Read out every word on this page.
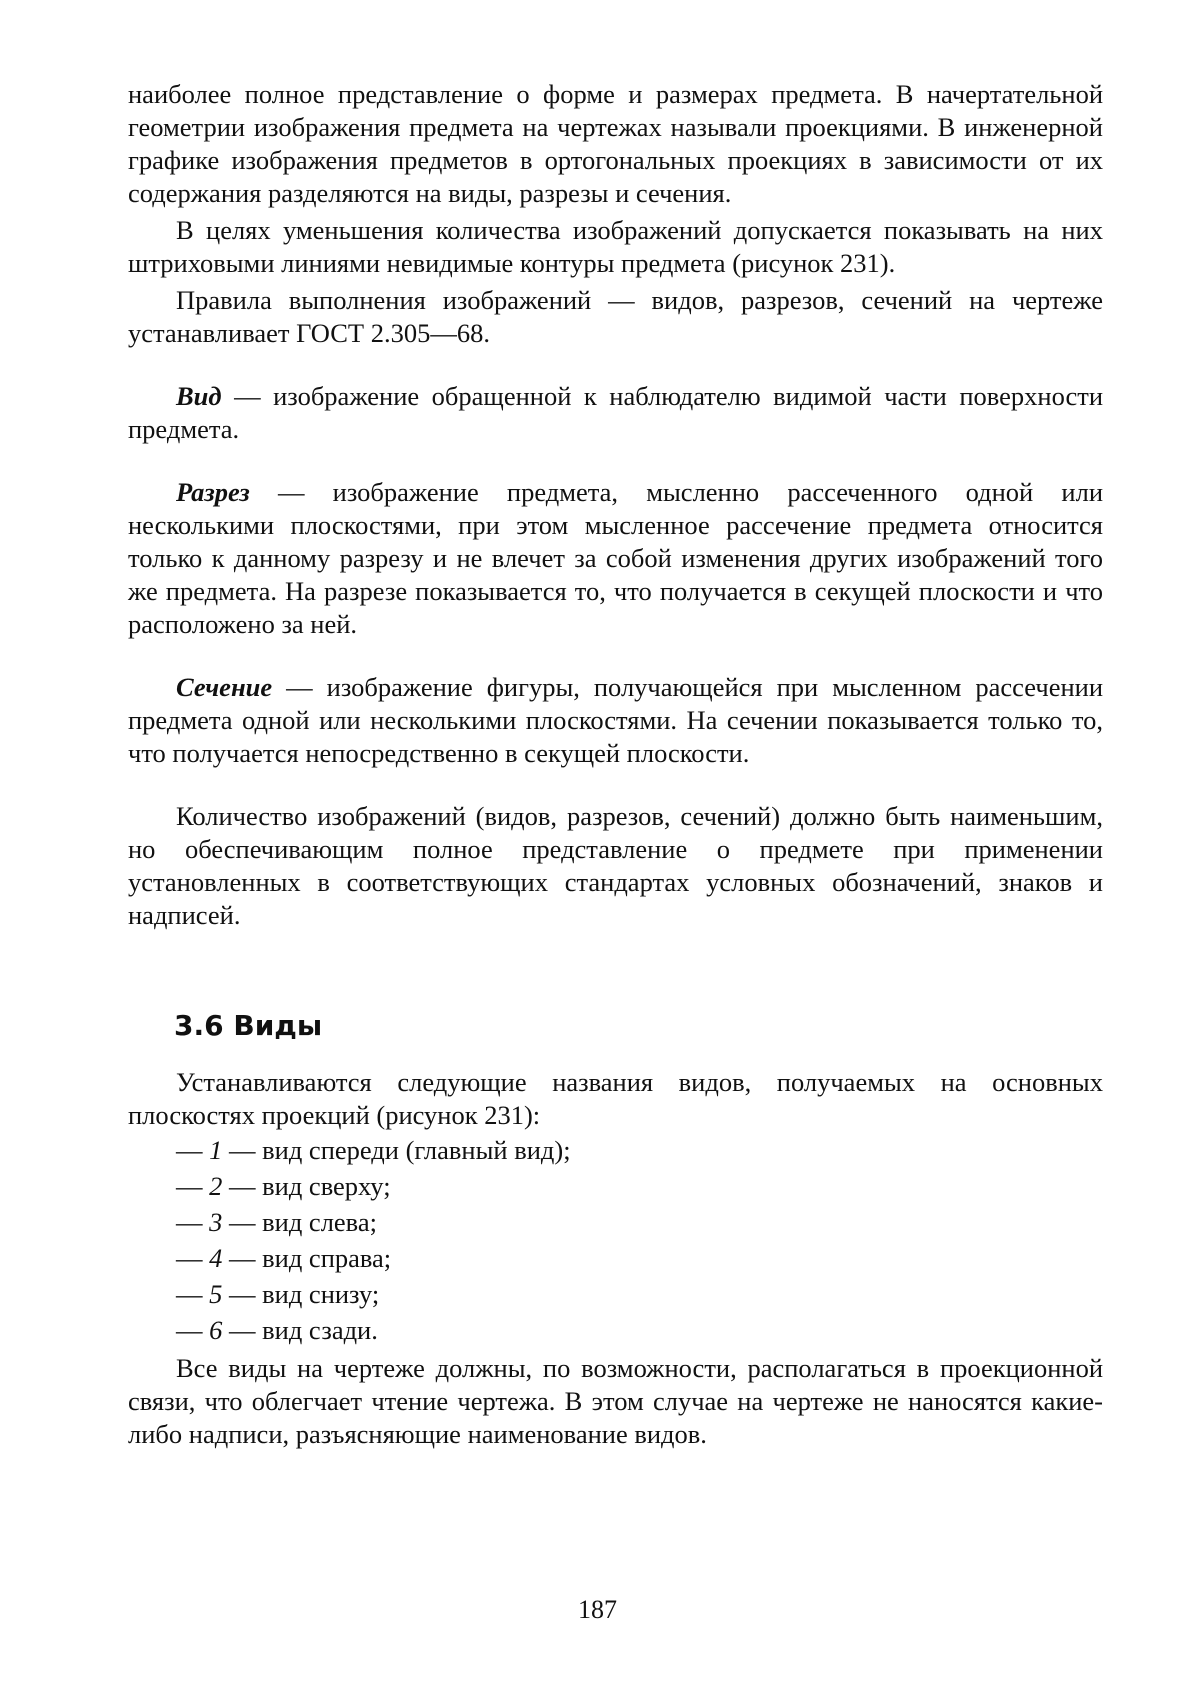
наиболее полное представление о форме и размерах предмета. В начертательной геометрии изображения предмета на чертежах называли проекциями. В инженерной графике изображения предметов в ортогональных проекциях в зависимости от их содержания разделяются на виды, разрезы и сечения.

В целях уменьшения количества изображений допускается показывать на них штриховыми линиями невидимые контуры предмета (рисунок 231).

Правила выполнения изображений — видов, разрезов, сечений на чертеже устанавливает ГОСТ 2.305—68.

Вид — изображение обращенной к наблюдателю видимой части поверхности предмета.

Разрез — изображение предмета, мысленно рассеченного одной или несколькими плоскостями, при этом мысленное рассечение предмета относится только к данному разрезу и не влечет за собой изменения других изображений того же предмета. На разрезе показывается то, что получается в секущей плоскости и что расположено за ней.

Сечение — изображение фигуры, получающейся при мысленном рассечении предмета одной или несколькими плоскостями. На сечении показывается только то, что получается непосредственно в секущей плоскости.

Количество изображений (видов, разрезов, сечений) должно быть наименьшим, но обеспечивающим полное представление о предмете при применении установленных в соответствующих стандартах условных обозначений, знаков и надписей.

3.6 Виды

Устанавливаются следующие названия видов, получаемых на основных плоскостях проекций (рисунок 231):

— 1 — вид спереди (главный вид);
— 2 — вид сверху;
— 3 — вид слева;
— 4 — вид справа;
— 5 — вид снизу;
— 6 — вид сзади.

Все виды на чертеже должны, по возможности, располагаться в проекционной связи, что облегчает чтение чертежа. В этом случае на чертеже не наносятся какие-либо надписи, разъясняющие наименование видов.

187
